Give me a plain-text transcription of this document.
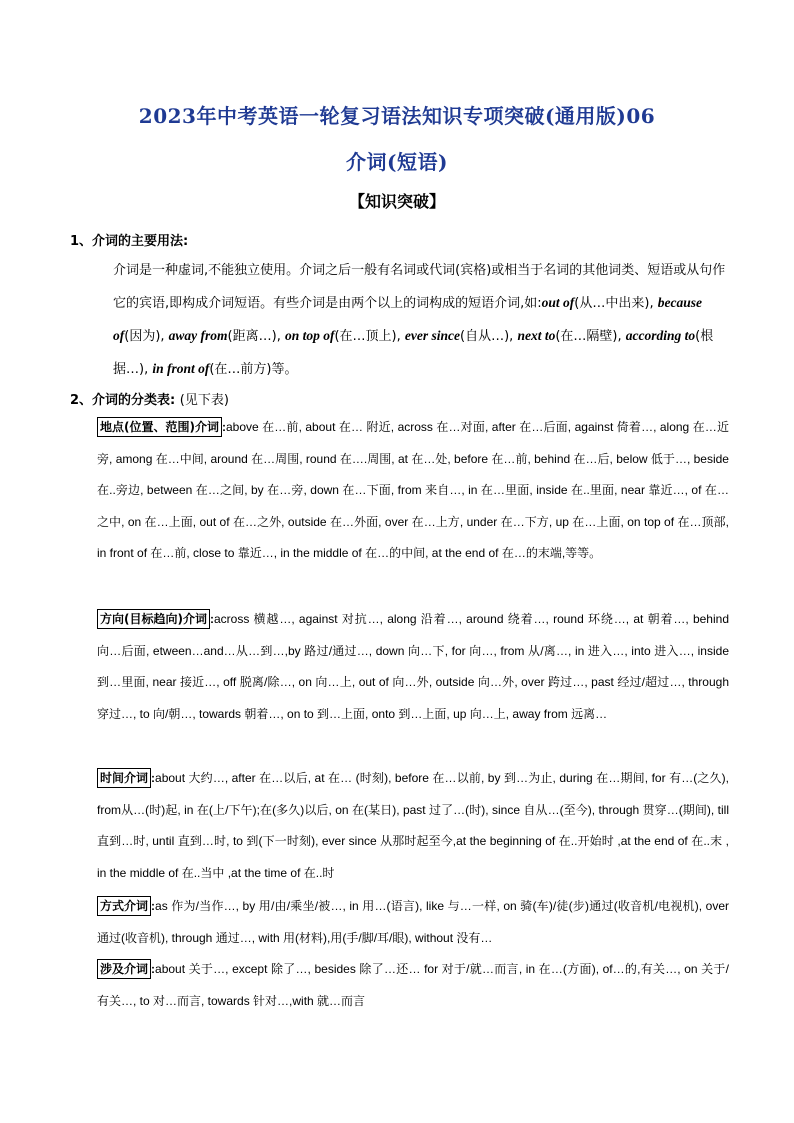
2023年中考英语一轮复习语法知识专项突破(通用版)06
介词(短语)
【知识突破】
1、介词的主要用法:
介词是一种虚词,不能独立使用。介词之后一般有名词或代词(宾格)或相当于名词的其他词类、短语或从句作它的宾语,即构成介词短语。有些介词是由两个以上的词构成的短语介词,如:out of(从…中出来), because of(因为), away from(距离…), on top of(在…顶上), ever since(自从…), next to(在…隔壁), according to(根据…), in front of(在…前方)等。
2、介词的分类表: (见下表)
地点(位置、范围)介词 :above 在…前, about 在… 附近, across 在…对面, after 在…后面, against 倚着…, along 在…近旁, among 在…中间, around 在…周围, round 在….周围, at 在…处, before 在…前, behind 在…后, below 低于…, beside 在..旁边, between 在…之间, by 在…旁, down 在…下面, from 来自…, in 在…里面, inside 在..里面, near 靠近…, of 在…之中, on 在…上面, out of 在…之外, outside 在…外面, over 在…上方, under 在…下方, up 在…上面, on top of 在…顶部, in front of 在…前, close to 靠近…, in the middle of 在…的中间, at the end of 在…的末端,等等。
方向(目标趋向)介词 :across 横越…, against 对抗…, along 沿着…, around 绕着…, round 环绕…, at 朝着…, behind 向…后面, etween…and…从…到…,by 路过/通过…, down 向…下, for 向…, from 从/离…, in 进入…, into 进入…, inside 到…里面, near 接近…, off 脱离/除…, on 向…上, out of 向…外, outside 向…外, over 跨过…, past 经过/超过…, through 穿过…, to 向/朝…, towards 朝着…, on to 到…上面, onto 到…上面, up 向…上, away from 远离…
时间介词 :about 大约…, after 在…以后, at 在… (时刻), before 在…以前, by 到…为止, during 在…期间, for 有…(之久), from从…(时)起, in 在(上/下午);在(多久)以后, on 在(某日), past 过了…(时), since 自从…(至今), through 贯穿…(期间), till 直到…时, until 直到…时, to 到(下一时刻), ever since 从那时起至今,at the beginning of 在..开始时 ,at the end of 在..末 , in the middle of 在..当中 ,at the time of 在..时
方式介词 :as 作为/当作…, by 用/由/乘坐/被…, in 用…(语言), like 与…一样, on 骑(车)/徒(步)通过(收音机/电视机), over 通过(收音机), through 通过…, with 用(材料),用(手/脚/耳/眼), without 没有…
涉及介词 :about 关于…, except 除了…, besides 除了…还… for 对于/就…而言, in 在…(方面), of…的,有关…, on 关于/有关…, to 对…而言, towards 针对…,with 就…而言
